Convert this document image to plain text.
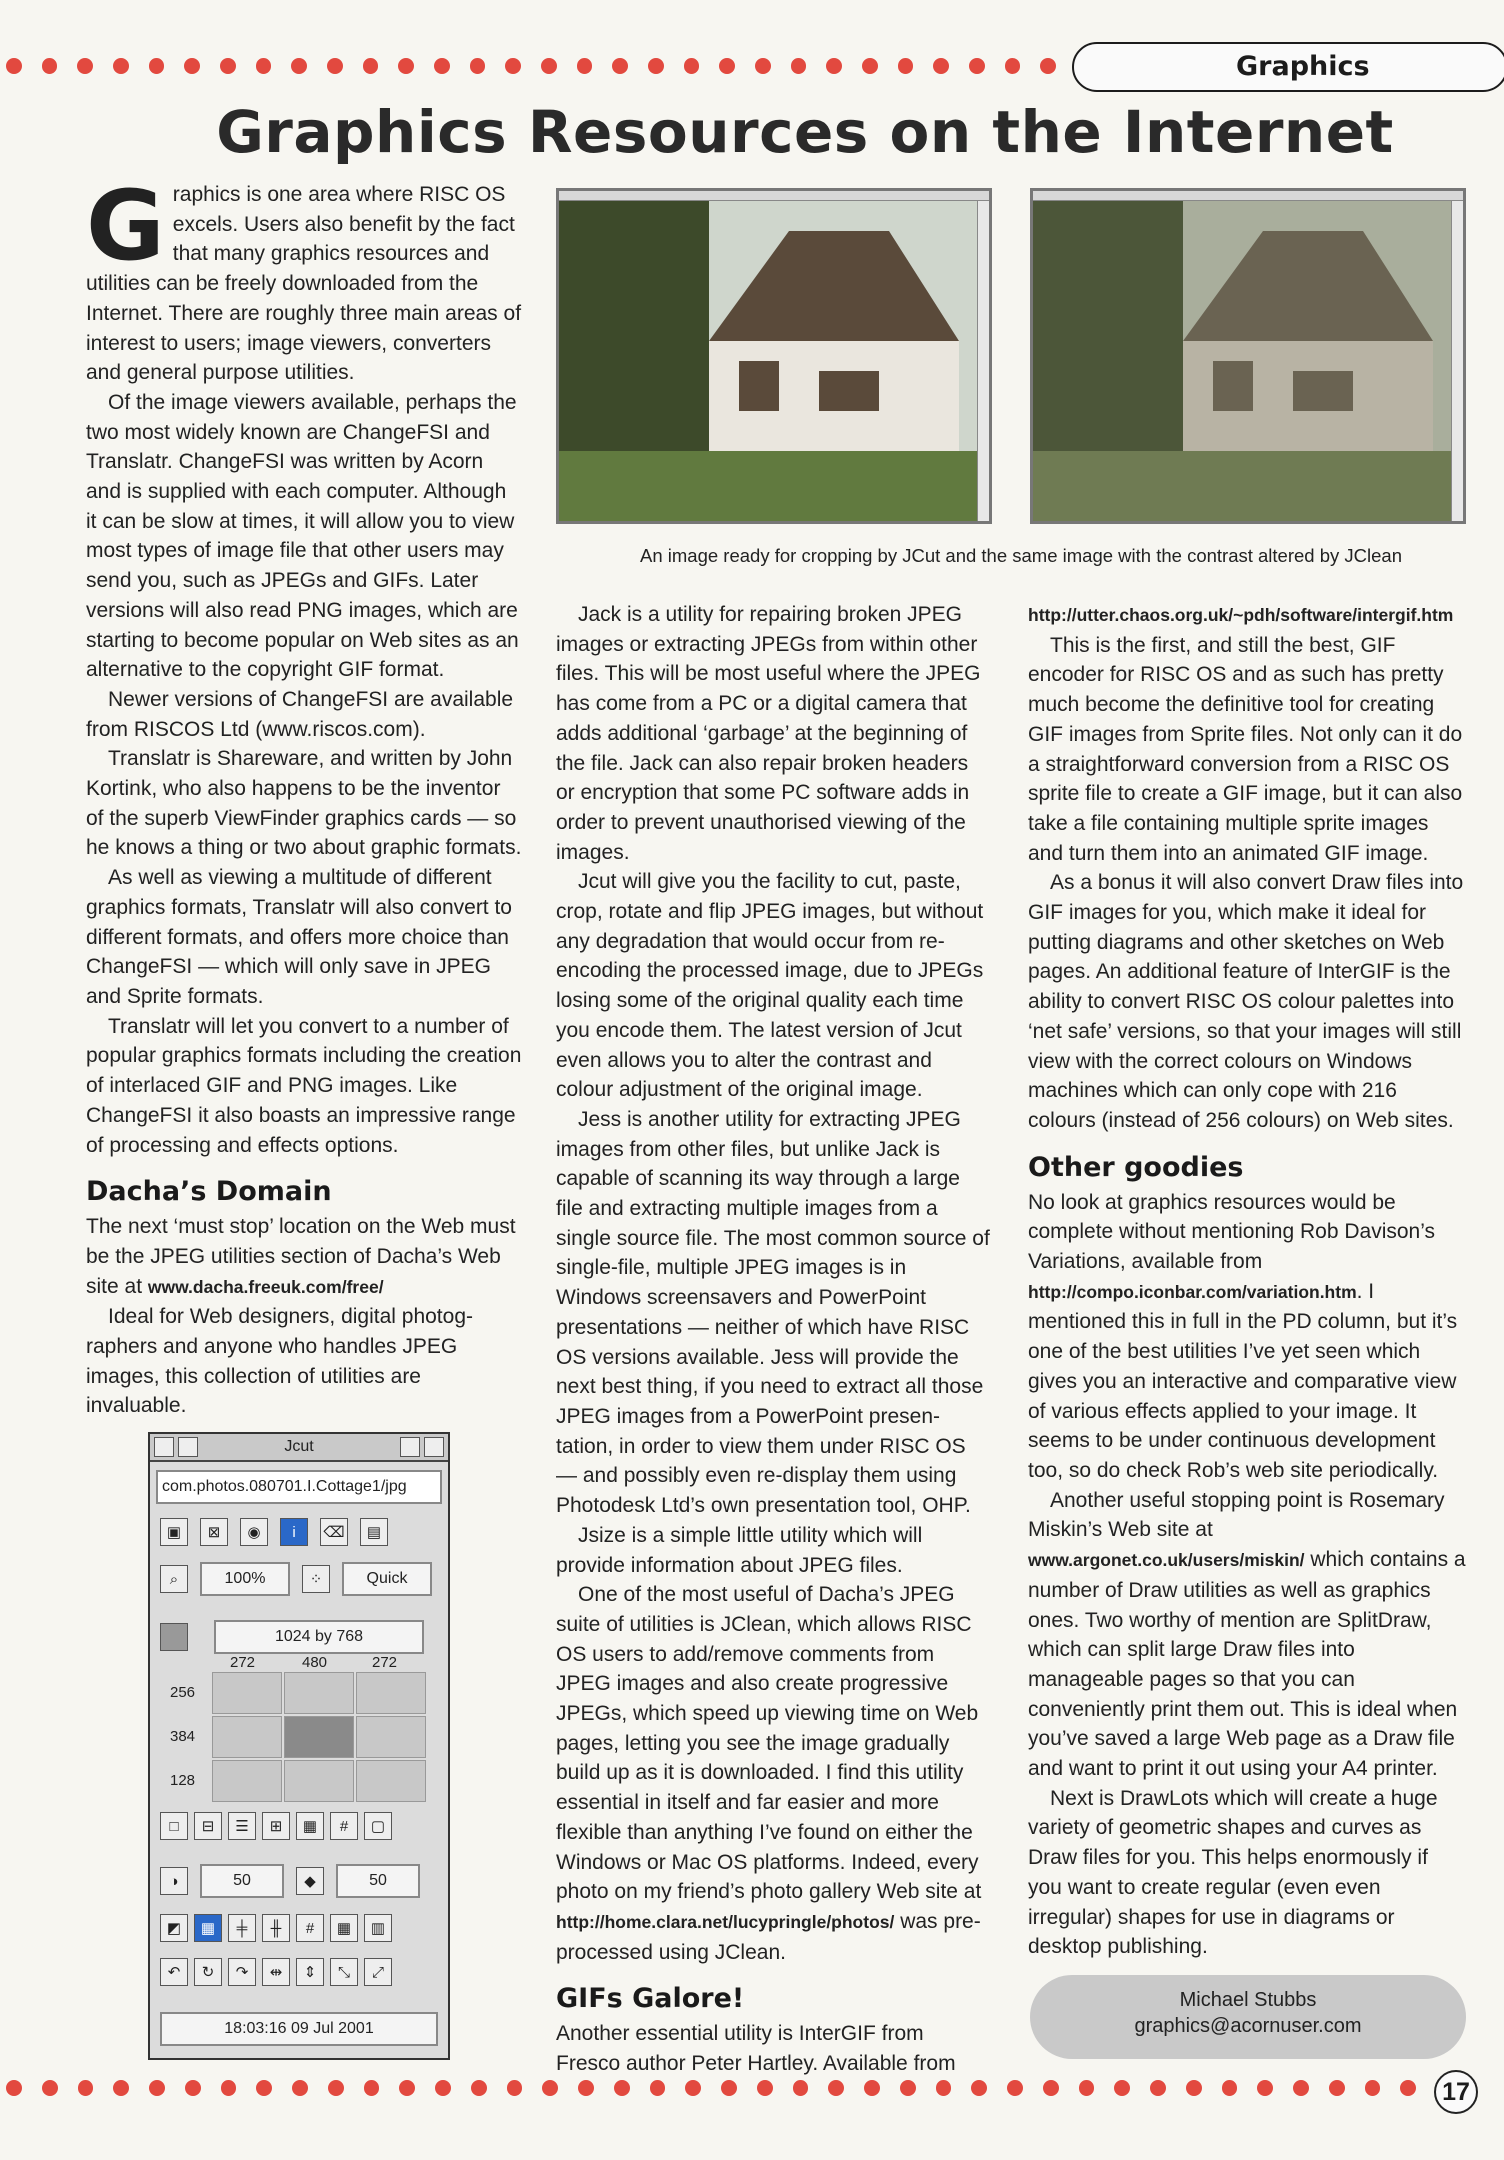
Graphics
Graphics Resources on the Internet

Graphics is one area where RISC OS excels. Users also benefit by the fact that many graphics resources and utilities can be freely downloaded from the Internet. There are roughly three main areas of interest to users; image viewers, converters and general purpose utilities.

Of the image viewers available, perhaps the two most widely known are ChangeFSI and Translatr. ChangeFSI was written by Acorn and is supplied with each computer. Although it can be slow at times, it will allow you to view most types of image file that other users may send you, such as JPEGs and GIFs. Later versions will also read PNG images, which are starting to become popular on Web sites as an alternative to the copyright GIF format.

Newer versions of ChangeFSI are available from RISCOS Ltd (www.riscos.com).

Translatr is Shareware, and written by John Kortink, who also happens to be the inventor of the superb ViewFinder graphics cards — so he knows a thing or two about graphic formats.

As well as viewing a multitude of different graphics formats, Translatr will also convert to different formats, and offers more choice than ChangeFSI — which will only save in JPEG and Sprite formats.

Translatr will let you convert to a number of popular graphics formats including the creation of interlaced GIF and PNG images. Like ChangeFSI it also boasts an impressive range of processing and effects options.

Dacha’s Domain

The next ‘must stop’ location on the Web must be the JPEG utilities section of Dacha’s Web site at www.dacha.freeuk.com/free/

Ideal for Web designers, digital photog- raphers and anyone who handles JPEG images, this collection of utilities are invaluable.

An image ready for cropping by JCut and the same image with the contrast altered by JClean

Jack is a utility for repairing broken JPEG images or extracting JPEGs from within other files. This will be most useful where the JPEG has come from a PC or a digital camera that adds additional ‘garbage’ at the beginning of the file. Jack can also repair broken headers or encryption that some PC software adds in order to prevent unauthorised viewing of the images.

Jcut will give you the facility to cut, paste, crop, rotate and flip JPEG images, but without any degradation that would occur from re- encoding the processed image, due to JPEGs losing some of the original quality each time you encode them. The latest version of Jcut even allows you to alter the contrast and colour adjustment of the original image.

Jess is another utility for extracting JPEG images from other files, but unlike Jack is capable of scanning its way through a large file and extracting multiple images from a single source file. The most common source of single-file, multiple JPEG images is in Windows screensavers and PowerPoint presentations — neither of which have RISC OS versions available. Jess will provide the next best thing, if you need to extract all those JPEG images from a PowerPoint presen- tation, in order to view them under RISC OS — and possibly even re-display them using Photodesk Ltd’s own presentation tool, OHP.

Jsize is a simple little utility which will provide information about JPEG files.

One of the most useful of Dacha’s JPEG suite of utilities is JClean, which allows RISC OS users to add/remove comments from JPEG images and also create progressive JPEGs, which speed up viewing time on Web pages, letting you see the image gradually build up as it is downloaded. I find this utility essential in itself and far easier and more flexible than anything I’ve found on either the Windows or Mac OS platforms. Indeed, every photo on my friend’s photo gallery Web site at http://home.clara.net/lucypringle/photos/ was pre- processed using JClean.

GIFs Galore!

Another essential utility is InterGIF from Fresco author Peter Hartley. Available from

http://utter.chaos.org.uk/~pdh/software/intergif.htm

This is the first, and still the best, GIF encoder for RISC OS and as such has pretty much become the definitive tool for creating GIF images from Sprite files. Not only can it do a straightforward conversion from a RISC OS sprite file to create a GIF image, but it can also take a file containing multiple sprite images and turn them into an animated GIF image.

As a bonus it will also convert Draw files into GIF images for you, which make it ideal for putting diagrams and other sketches on Web pages. An additional feature of InterGIF is the ability to convert RISC OS colour palettes into ‘net safe’ versions, so that your images will still view with the correct colours on Windows machines which can only cope with 216 colours (instead of 256 colours) on Web sites.

Other goodies

No look at graphics resources would be complete without mentioning Rob Davison’s Variations, available from http://compo.iconbar.com/variation.htm. I mentioned this in full in the PD column, but it’s one of the best utilities I’ve yet seen which gives you an interactive and comparative view of various effects applied to your image. It seems to be under continuous development too, so do check Rob’s web site periodically.

Another useful stopping point is Rosemary Miskin’s Web site at www.argonet.co.uk/users/miskin/ which contains a number of Draw utilities as well as graphics ones. Two worthy of mention are SplitDraw, which can split large Draw files into manageable pages so that you can conveniently print them out. This is ideal when you’ve saved a large Web page as a Draw file and want to print it out using your A4 printer.

Next is DrawLots which will create a huge variety of geometric shapes and curves as Draw files for you. This helps enormously if you want to create regular (even even irregular) shapes for use in diagrams or desktop publishing.

Jcut
com.photos.080701.I.Cottage1/jpg
▣	⊠	◉	i	⌫	▤
⌕	100%	⁘	Quick
1024 by 768
272	480	272
256
384
128
□	⊟	☰	⊞	▦	#	▢
◑	50	◆	50
◩	▦	╪	╫	#	▦	▥
↶	↻	↷	⇹	⇕	⤡	⤢
18:03:16 09 Jul 2001
Michael Stubbs
graphics@acornuser.com
17
